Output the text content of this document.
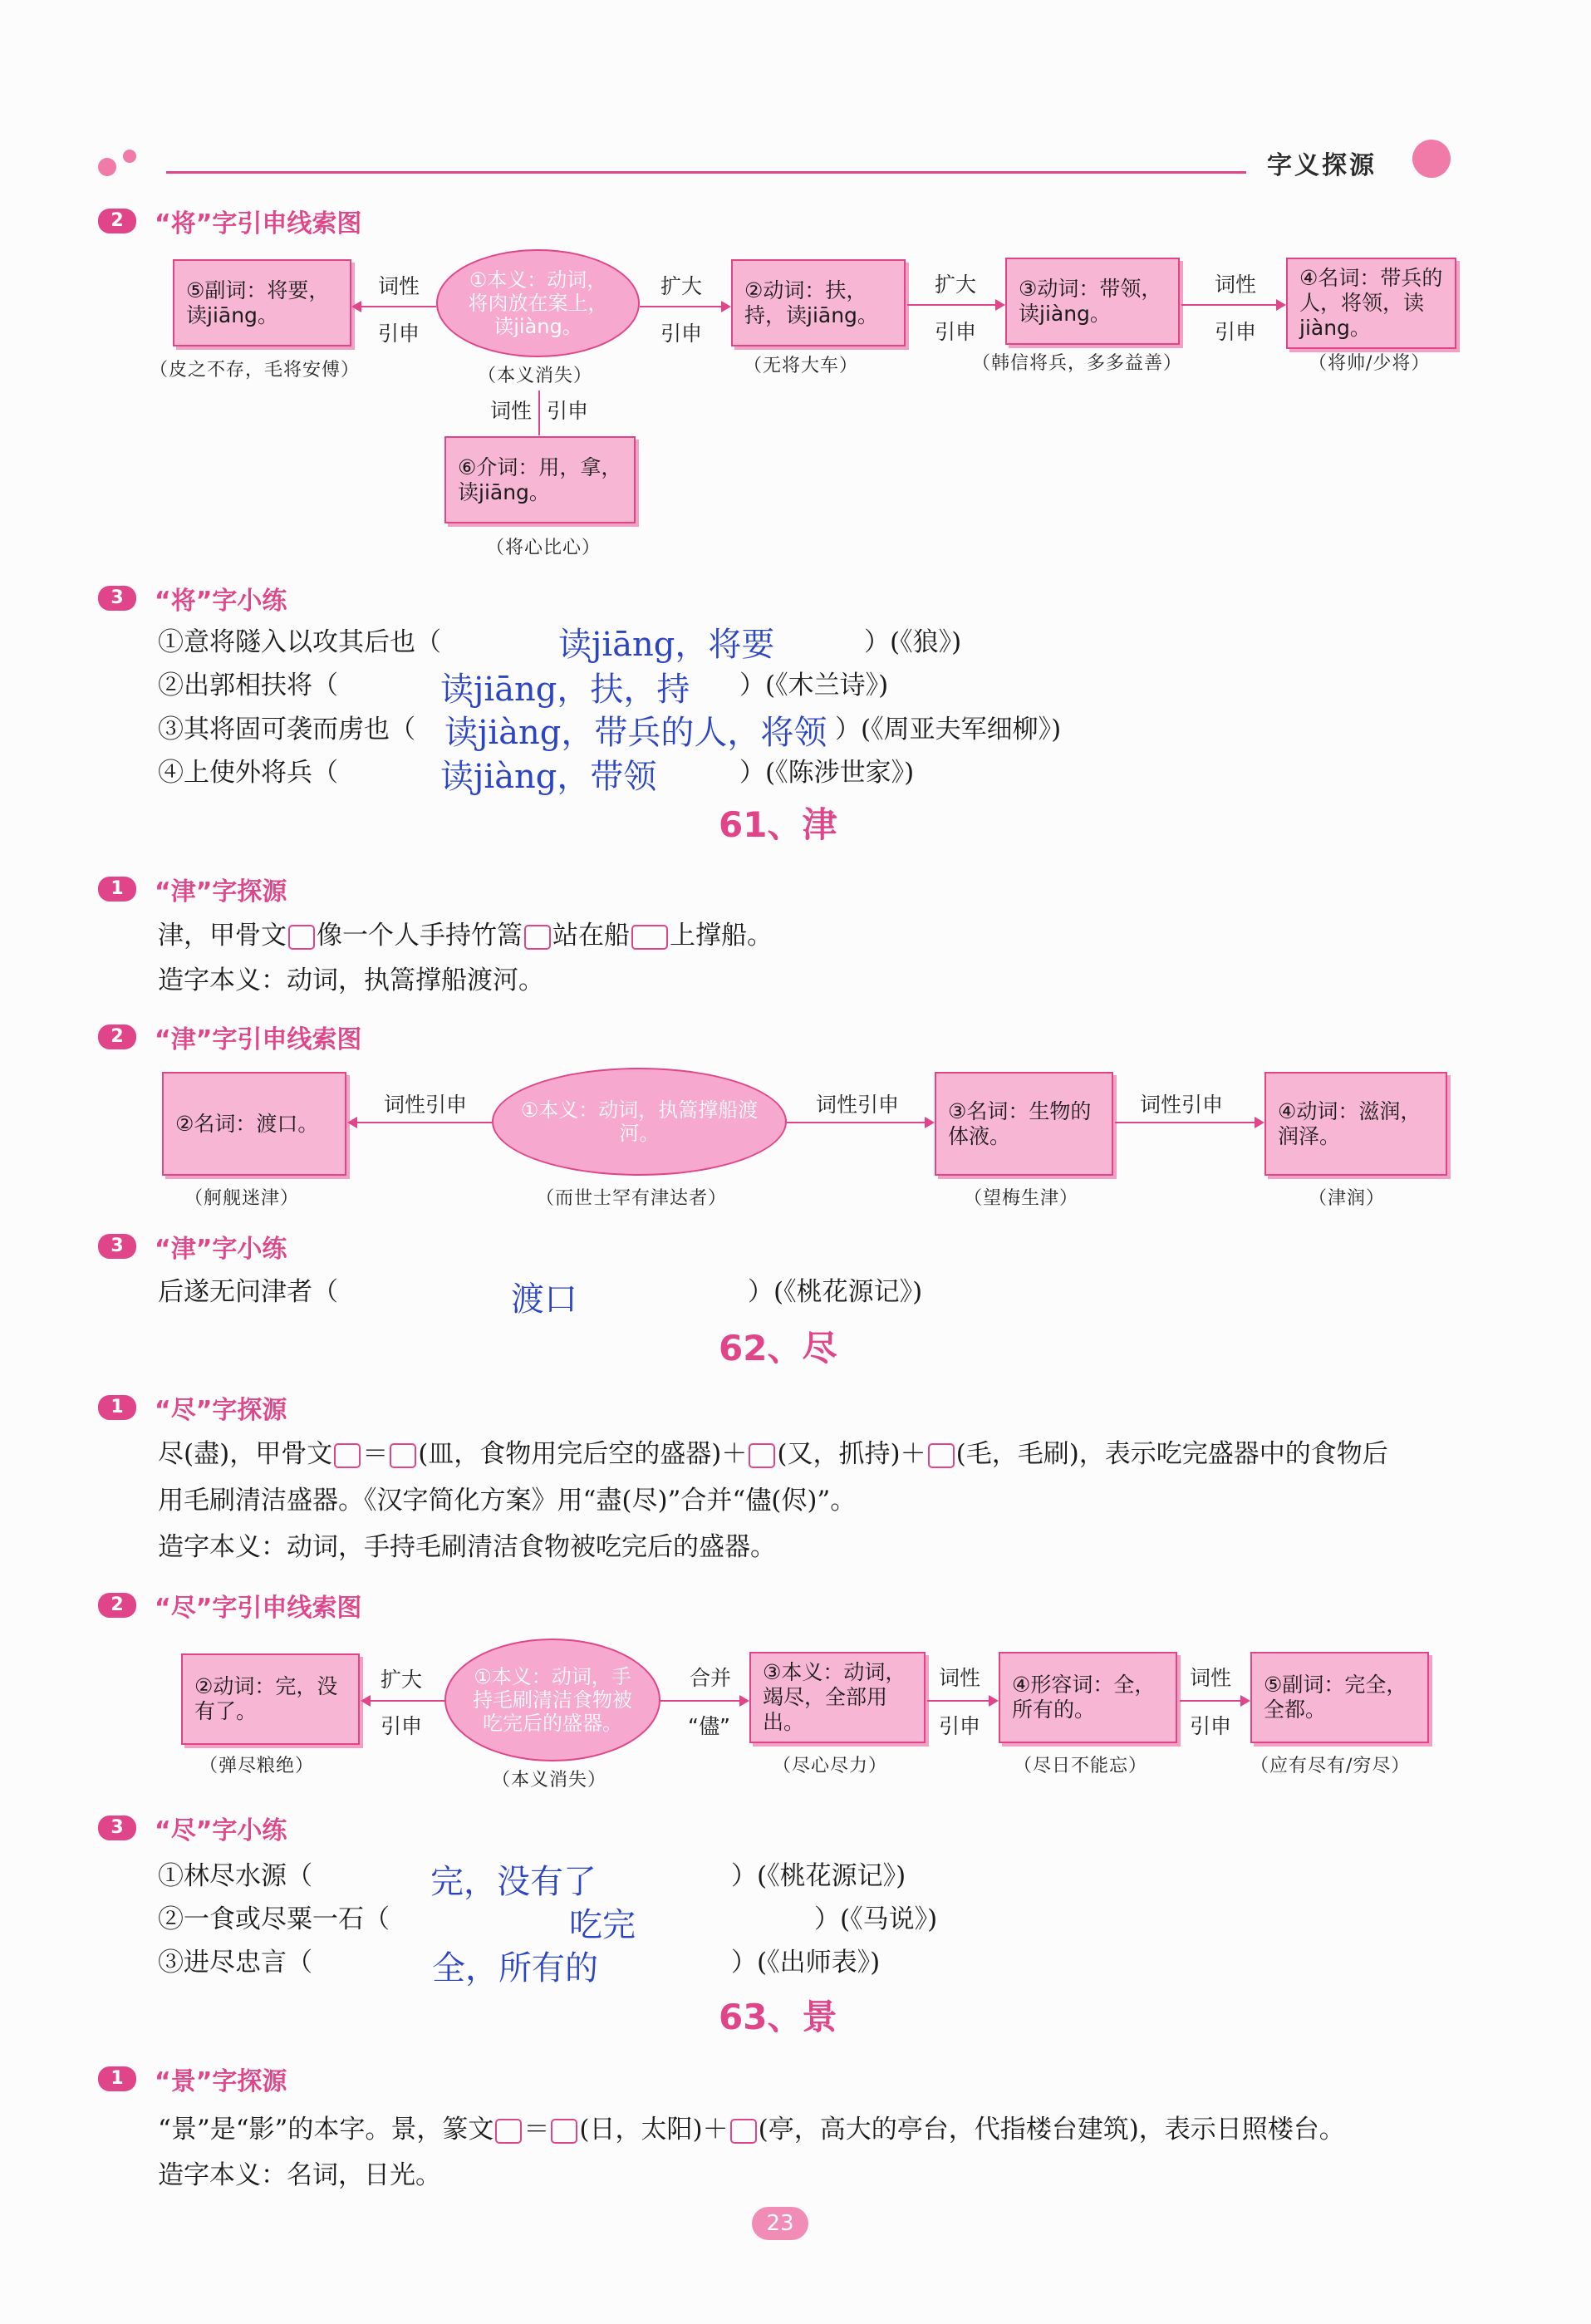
字义探源
2	“将”字引申线索图
⑤副词：将要，读jiāng。
（皮之不存，毛将安傅）
①本义：动词，将肉放在案上，读jiàng。
（本义消失）
②动词：扶，持，读jiāng。
（无将大车）
③动词：带领，读jiàng。
（韩信将兵，多多益善）
④名词：带兵的人，将领，读jiàng。
（将帅/少将）
⑥介词：用，拿，读jiāng。
（将心比心）
词性
引申
扩大
引申
扩大
引申
词性
引申
词性 引申
3	“将”字小练
①意将隧入以攻其后也（	读jiāng，将要	）(《狼》)
②出郭相扶将（	读jiāng，扶，持 ）(《木兰诗》)
③其将固可袭而虏也（ 读jiàng，带兵的人，将领 ）(《周亚夫军细柳》)
④上使外将兵（	读jiàng，带领	）(《陈涉世家》)
61、津
1	“津”字探源
津，甲骨文 像一个人手持竹篙 站在船 上撑船。
造字本义：动词，执篙撑船渡河。
2	“津”字引申线索图
②名词：渡口。
（舸舰迷津）
①本义：动词，执篙撑船渡河。
（而世士罕有津达者）
③名词：生物的体液。
（望梅生津）
④动词：滋润，润泽。
（津润）
词性引申	词性引申	词性引申
3	“津”字小练
后遂无问津者（	渡口	）(《桃花源记》)
62、尽
1	“尽”字探源
尽(盡)，甲骨文 ＝ (皿，食物用完后空的盛器)＋ (又，抓持)＋ (毛，毛刷)，表示吃完盛器中的食物后
用毛刷清洁盛器。《汉字简化方案》用“盡(尽)”合并“儘(侭)”。
造字本义：动词，手持毛刷清洁食物被吃完后的盛器。
2	“尽”字引申线索图
②动词：完，没有了。
（弹尽粮绝）
①本义：动词，手持毛刷清洁食物被吃完后的盛器。
（本义消失）
③本义：动词，竭尽，全部用出。
（尽心尽力）
④形容词：全，所有的。
（尽日不能忘）
⑤副词：完全，全都。
（应有尽有/穷尽）
扩大
引申
合并
“儘”
词性
引申
词性
引申
3	“尽”字小练
①林尽水源（	完，没有了	）(《桃花源记》)
②一食或尽粟一石（	吃完	）(《马说》)
③进尽忠言（	全，所有的	）(《出师表》)
63、景
1	“景”字探源
“景”是“影”的本字。景，篆文 ＝ (日，太阳)＋ (亭，高大的亭台，代指楼台建筑)，表示日照楼台。
造字本义：名词，日光。
23
